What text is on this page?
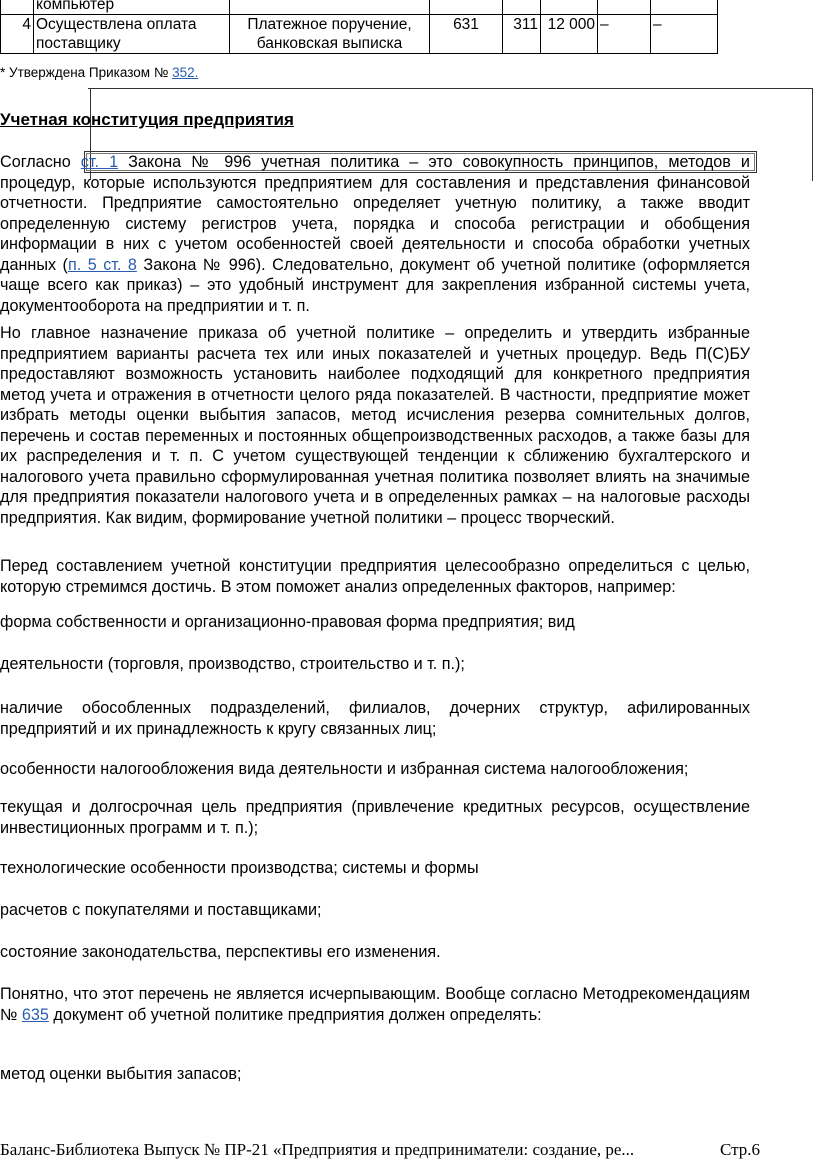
	компьютер						
4	Осуществлена оплата поставщику	Платежное поручение, банковская выписка	631	311	12 000	–	–
* Утверждена Приказом № 352.
Учетная конституция предприятия
Согласно ст. 1 Закона № 996 учетная политика – это совокупность принципов, методов и процедур, которые используются предприятием для составления и представления финансовой отчетности. Предприятие самостоятельно определяет учетную политику, а также вводит определенную систему регистров учета, порядка и способа регистрации и обобщения информации в них с учетом особенностей своей деятельности и способа обработки учетных данных (п. 5 ст. 8 Закона № 996). Следовательно, документ об учетной политике (оформляется чаще всего как приказ) – это удобный инструмент для закрепления избранной системы учета, документооборота на предприятии и т. п.
Но главное назначение приказа об учетной политике – определить и утвердить избранные предприятием варианты расчета тех или иных показателей и учетных процедур. Ведь П(С)БУ предоставляют возможность установить наиболее подходящий для конкретного предприятия метод учета и отражения в отчетности целого ряда показателей. В частности, предприятие может избрать методы оценки выбытия запасов, метод исчисления резерва сомнительных долгов, перечень и состав переменных и постоянных общепроизводственных расходов, а также базы для их распределения и т. п. С учетом существующей тенденции к сближению бухгалтерского и налогового учета правильно сформулированная учетная политика позволяет влиять на значимые для предприятия показатели налогового учета и в определенных рамках – на налоговые расходы предприятия. Как видим, формирование учетной политики – процесс творческий.
Перед составлением учетной конституции предприятия целесообразно определиться с целью, которую стремимся достичь. В этом поможет анализ определенных факторов, например:
форма собственности и организационно-правовая форма предприятия; вид
деятельности (торговля, производство, строительство и т. п.);
наличие обособленных подразделений, филиалов, дочерних структур, афилированных предприятий и их принадлежность к кругу связанных лиц;
особенности налогообложения вида деятельности и избранная система налогообложения;
текущая и долгосрочная цель предприятия (привлечение кредитных ресурсов, осуществление инвестиционных программ и т. п.);
технологические особенности производства; системы и формы
расчетов с покупателями и поставщиками;
состояние законодательства, перспективы его изменения.
Понятно, что этот перечень не является исчерпывающим. Вообще согласно Методрекомендациям № 635 документ об учетной политике предприятия должен определять:
метод оценки выбытия запасов;
Баланс-Библиотека Выпуск № ПР-21 «Предприятия и предприниматели: создание, ре...	Стр.6
